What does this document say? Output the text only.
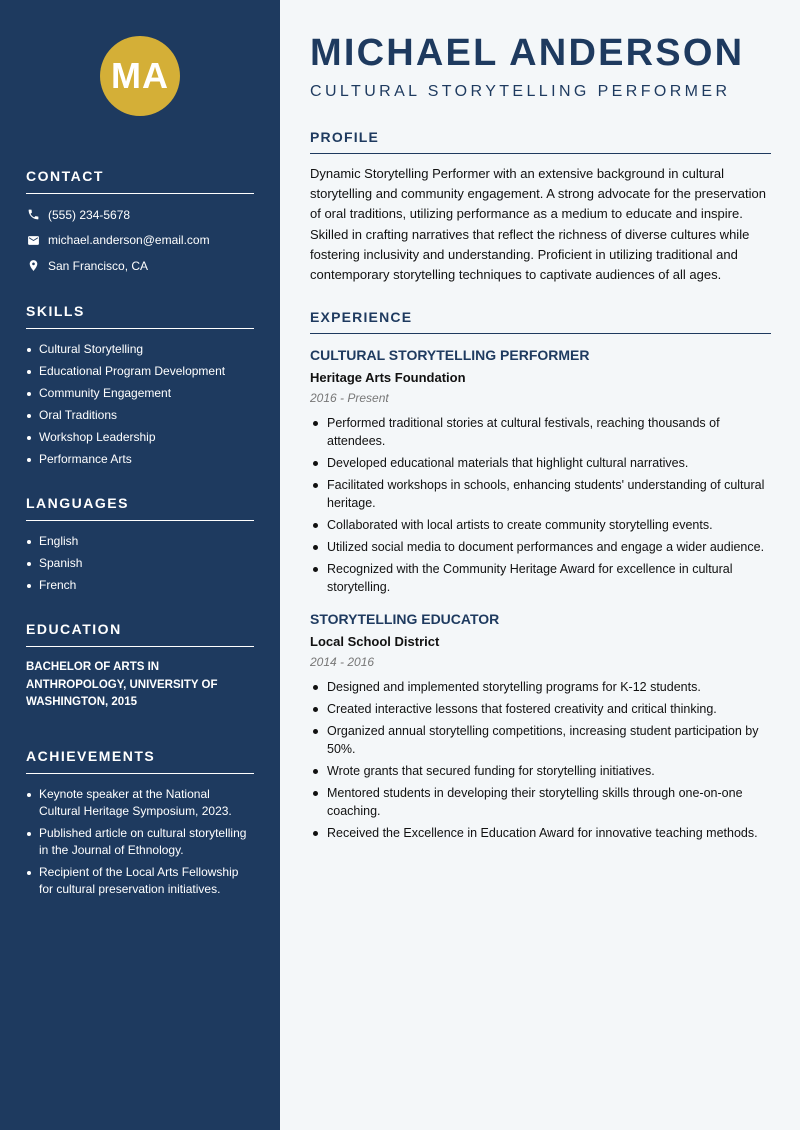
MA
CONTACT
(555) 234-5678
michael.anderson@email.com
San Francisco, CA
SKILLS
Cultural Storytelling
Educational Program Development
Community Engagement
Oral Traditions
Workshop Leadership
Performance Arts
LANGUAGES
English
Spanish
French
EDUCATION
BACHELOR OF ARTS IN ANTHROPOLOGY, UNIVERSITY OF WASHINGTON, 2015
ACHIEVEMENTS
Keynote speaker at the National Cultural Heritage Symposium, 2023.
Published article on cultural storytelling in the Journal of Ethnology.
Recipient of the Local Arts Fellowship for cultural preservation initiatives.
MICHAEL ANDERSON
CULTURAL STORYTELLING PERFORMER
PROFILE

Dynamic Storytelling Performer with an extensive background in cultural storytelling and community engagement. A strong advocate for the preservation of oral traditions, utilizing performance as a medium to educate and inspire. Skilled in crafting narratives that reflect the richness of diverse cultures while fostering inclusivity and understanding. Proficient in utilizing traditional and contemporary storytelling techniques to captivate audiences of all ages.

EXPERIENCE
CULTURAL STORYTELLING PERFORMER
Heritage Arts Foundation
2016 - Present
Performed traditional stories at cultural festivals, reaching thousands of attendees.
Developed educational materials that highlight cultural narratives.
Facilitated workshops in schools, enhancing students' understanding of cultural heritage.
Collaborated with local artists to create community storytelling events.
Utilized social media to document performances and engage a wider audience.
Recognized with the Community Heritage Award for excellence in cultural storytelling.
STORYTELLING EDUCATOR
Local School District
2014 - 2016
Designed and implemented storytelling programs for K-12 students.
Created interactive lessons that fostered creativity and critical thinking.
Organized annual storytelling competitions, increasing student participation by 50%.
Wrote grants that secured funding for storytelling initiatives.
Mentored students in developing their storytelling skills through one-on-one coaching.
Received the Excellence in Education Award for innovative teaching methods.
